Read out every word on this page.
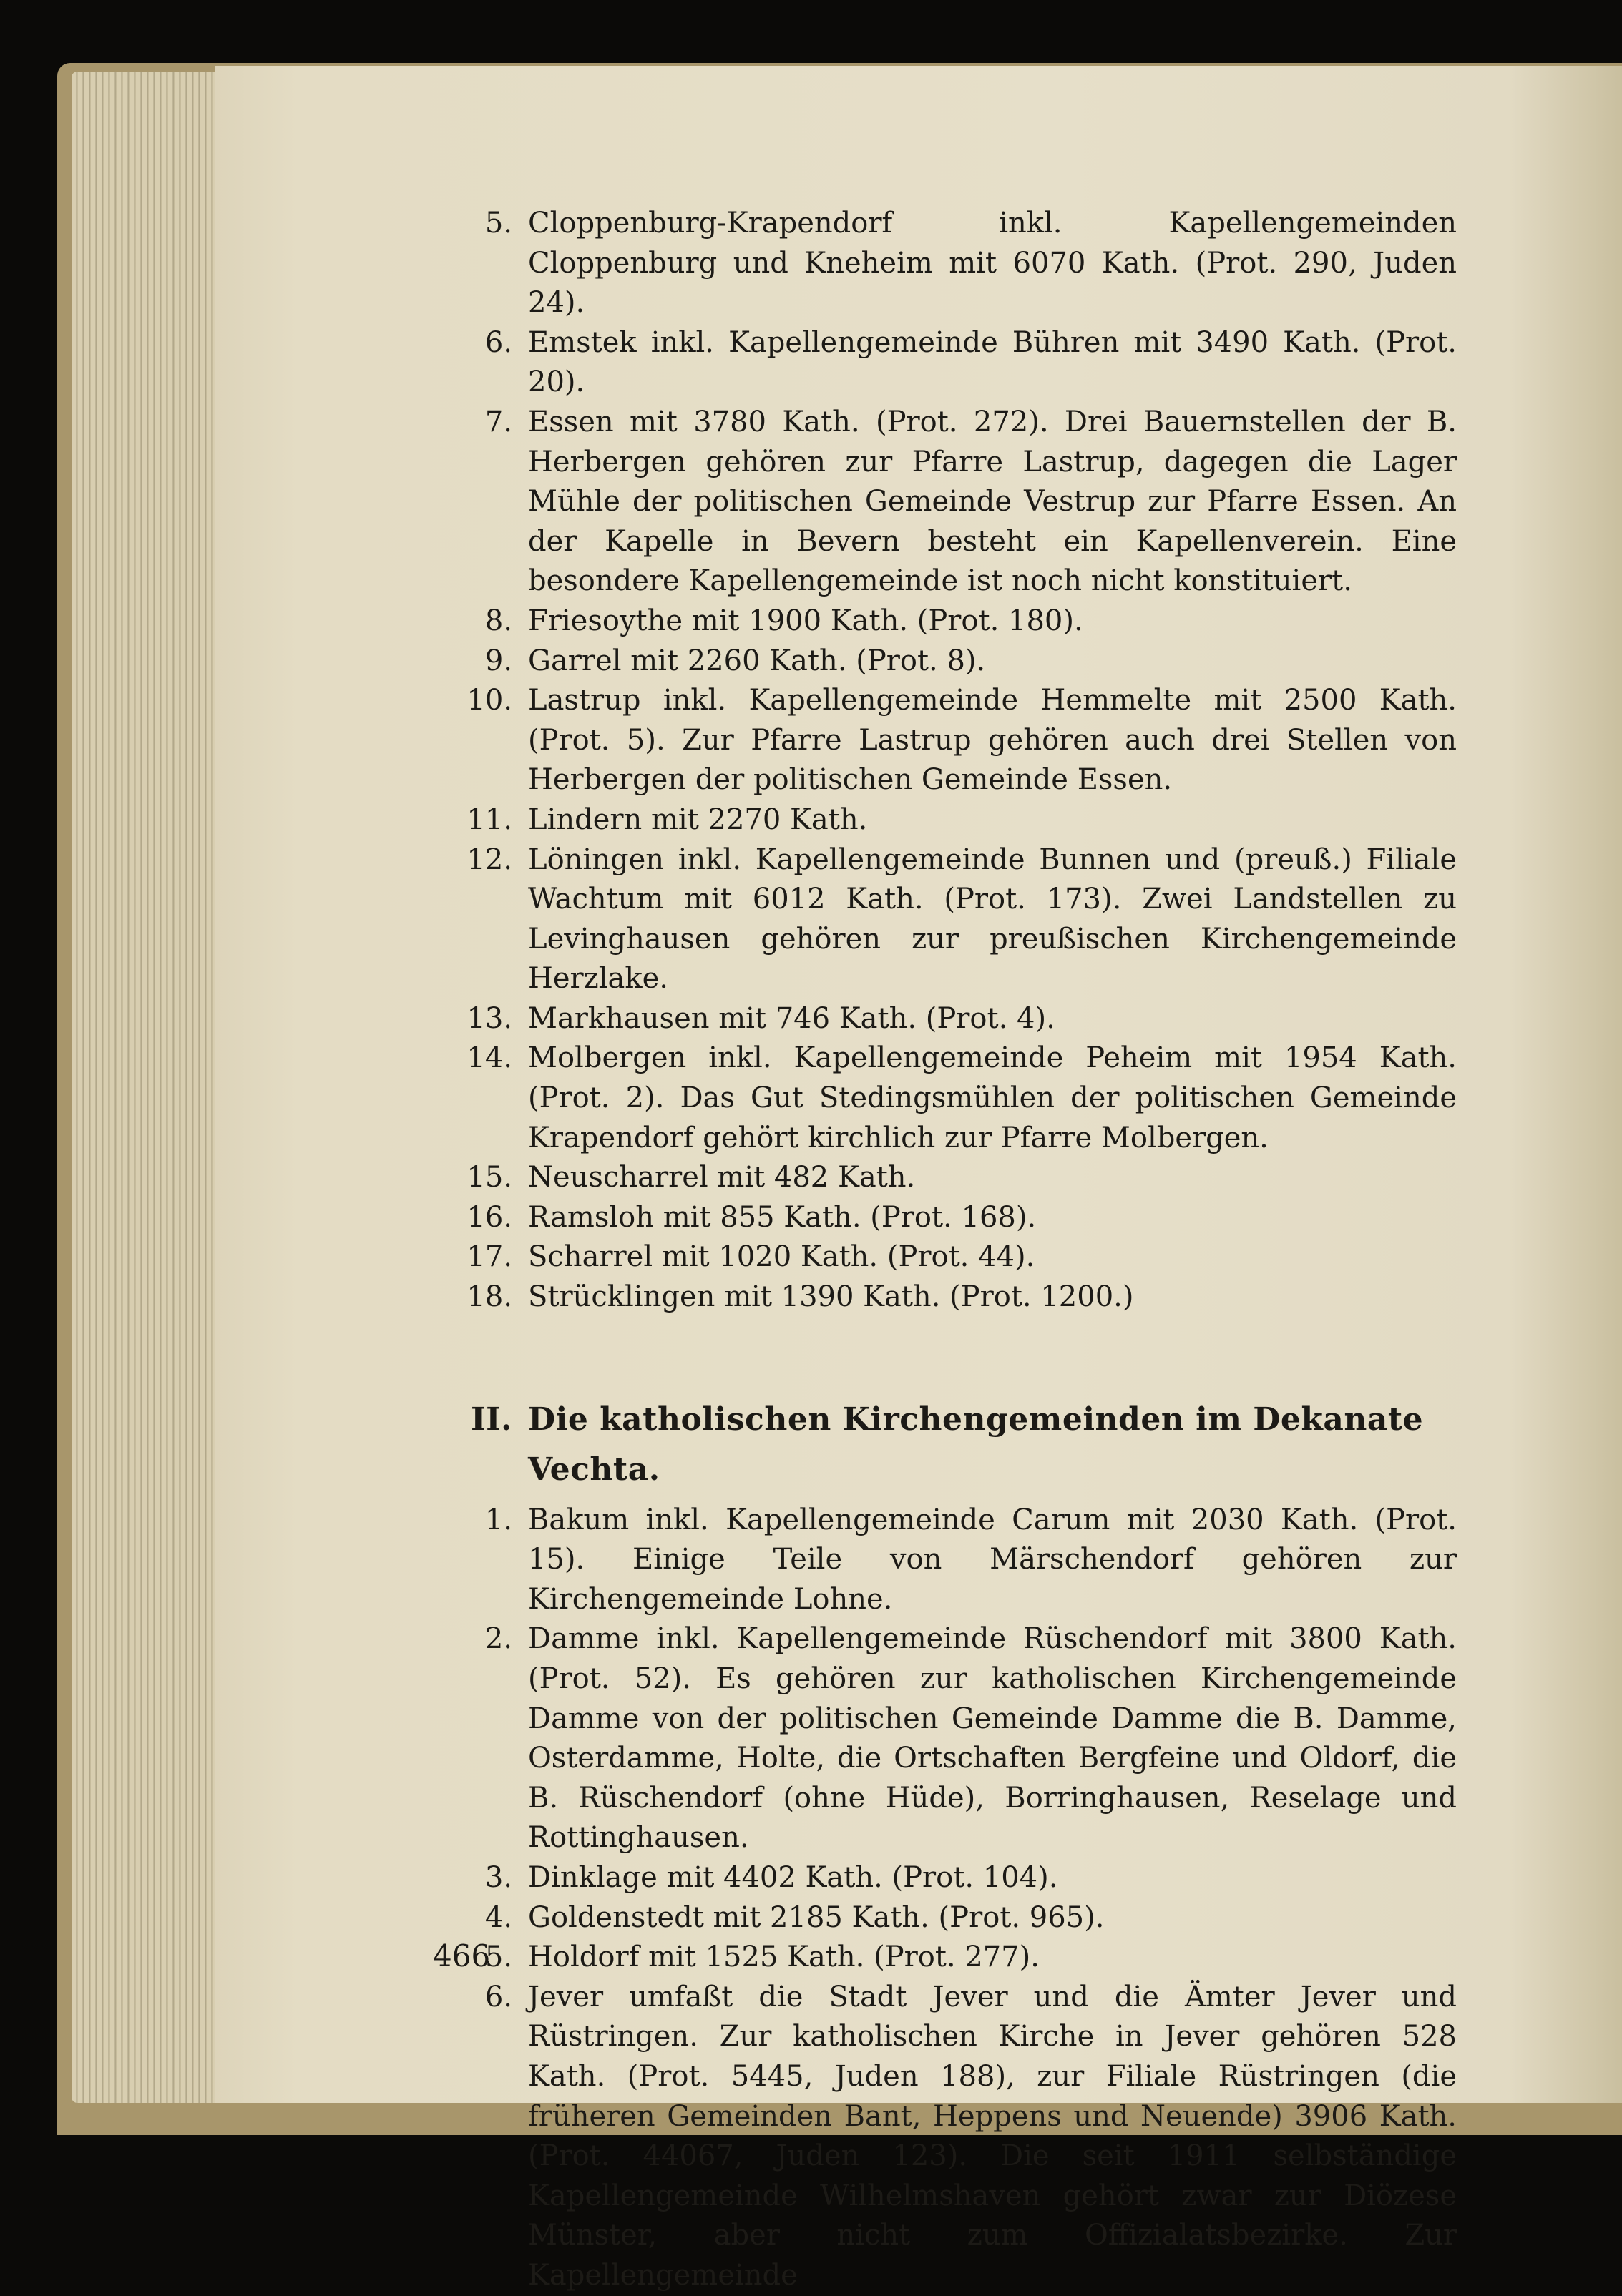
5. Cloppenburg-Krapendorf inkl. Kapellengemeinden Cloppenburg und Kneheim mit 6070 Kath. (Prot. 290, Juden 24).
6. Emstek inkl. Kapellengemeinde Bühren mit 3490 Kath. (Prot. 20).
7. Essen mit 3780 Kath. (Prot. 272). Drei Bauernstellen der B. Herbergen gehören zur Pfarre Lastrup, dagegen die Lager Mühle der politischen Gemeinde Vestrup zur Pfarre Essen. An der Kapelle in Bevern besteht ein Kapellenverein. Eine besondere Kapellengemeinde ist noch nicht konstituiert.
8. Friesoythe mit 1900 Kath. (Prot. 180).
9. Garrel mit 2260 Kath. (Prot. 8).
10. Lastrup inkl. Kapellengemeinde Hemmelte mit 2500 Kath. (Prot. 5). Zur Pfarre Lastrup gehören auch drei Stellen von Herbergen der politischen Gemeinde Essen.
11. Lindern mit 2270 Kath.
12. Löningen inkl. Kapellengemeinde Bunnen und (preuß.) Filiale Wachtum mit 6012 Kath. (Prot. 173). Zwei Landstellen zu Levinghausen gehören zur preußischen Kirchengemeinde Herzlake.
13. Markhausen mit 746 Kath. (Prot. 4).
14. Molbergen inkl. Kapellengemeinde Peheim mit 1954 Kath. (Prot. 2). Das Gut Stedingsmühlen der politischen Gemeinde Krapendorf gehört kirchlich zur Pfarre Molbergen.
15. Neuscharrel mit 482 Kath.
16. Ramsloh mit 855 Kath. (Prot. 168).
17. Scharrel mit 1020 Kath. (Prot. 44).
18. Strücklingen mit 1390 Kath. (Prot. 1200.)
II. Die katholischen Kirchengemeinden im Dekanate Vechta.
1. Bakum inkl. Kapellengemeinde Carum mit 2030 Kath. (Prot. 15). Einige Teile von Märschendorf gehören zur Kirchengemeinde Lohne.
2. Damme inkl. Kapellengemeinde Rüschendorf mit 3800 Kath. (Prot. 52). Es gehören zur katholischen Kirchengemeinde Damme von der politischen Gemeinde Damme die B. Damme, Osterdamme, Holte, die Ortschaften Bergfeine und Oldorf, die B. Rüschendorf (ohne Hüde), Borringhausen, Reselage und Rottinghausen.
3. Dinklage mit 4402 Kath. (Prot. 104).
4. Goldenstedt mit 2185 Kath. (Prot. 965).
5. Holdorf mit 1525 Kath. (Prot. 277).
6. Jever umfaßt die Stadt Jever und die Ämter Jever und Rüstringen. Zur katholischen Kirche in Jever gehören 528 Kath. (Prot. 5445, Juden 188), zur Filiale Rüstringen (die früheren Gemeinden Bant, Heppens und Neuende) 3906 Kath. (Prot. 44067, Juden 123). Die seit 1911 selbständige Kapellengemeinde Wilhelmshaven gehört zwar zur Diözese Münster, aber nicht zum Offizialatsbezirke. Zur Kapellengemeinde
466
